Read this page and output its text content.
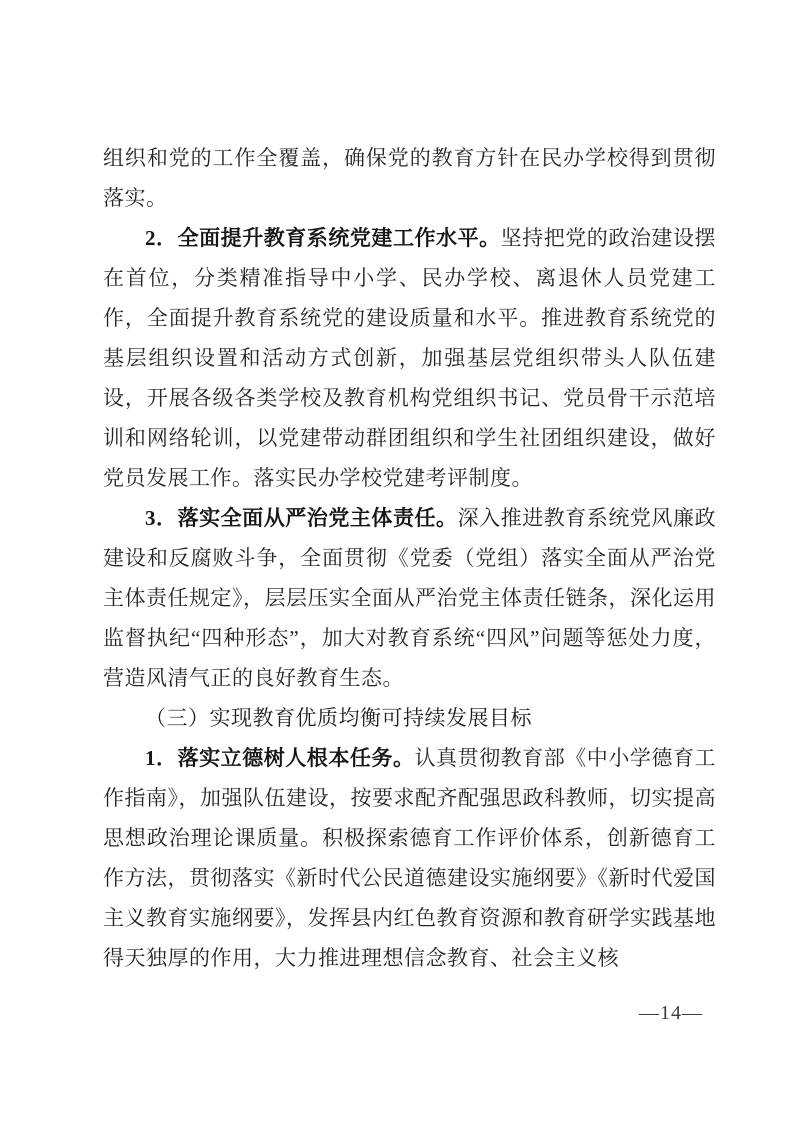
组织和党的工作全覆盖，确保党的教育方针在民办学校得到贯彻落实。

2．全面提升教育系统党建工作水平。坚持把党的政治建设摆在首位，分类精准指导中小学、民办学校、离退休人员党建工作，全面提升教育系统党的建设质量和水平。推进教育系统党的基层组织设置和活动方式创新，加强基层党组织带头人队伍建设，开展各级各类学校及教育机构党组织书记、党员骨干示范培训和网络轮训，以党建带动群团组织和学生社团组织建设，做好党员发展工作。落实民办学校党建考评制度。

3．落实全面从严治党主体责任。深入推进教育系统党风廉政建设和反腐败斗争，全面贯彻《党委（党组）落实全面从严治党主体责任规定》，层层压实全面从严治党主体责任链条，深化运用监督执纪“四种形态”，加大对教育系统“四风”问题等惩处力度，营造风清气正的良好教育生态。

（三）实现教育优质均衡可持续发展目标

1．落实立德树人根本任务。认真贯彻教育部《中小学德育工作指南》，加强队伍建设，按要求配齐配强思政科教师，切实提高思想政治理论课质量。积极探索德育工作评价体系，创新德育工作方法，贯彻落实《新时代公民道德建设实施纲要》《新时代爱国主义教育实施纲要》，发挥县内红色教育资源和教育研学实践基地得天独厚的作用，大力推进理想信念教育、社会主义核

—14—
